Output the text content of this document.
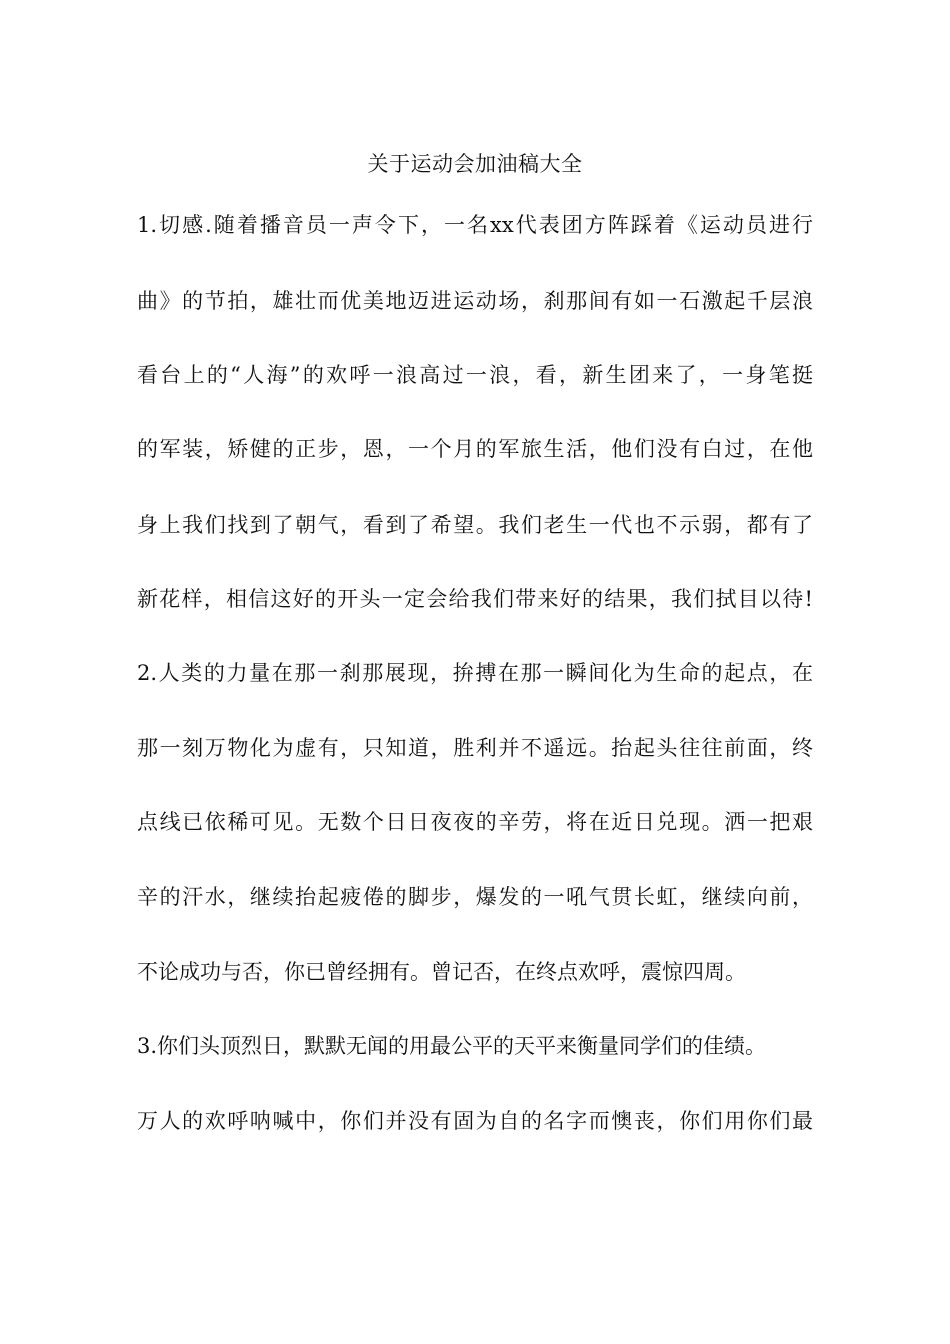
关于运动会加油稿大全
1.切感.随着播音员一声令下，一名xx代表团方阵踩着《运动员进行
曲》的节拍，雄壮而优美地迈进运动场，刹那间有如一石激起千层浪
看台上的“人海”的欢呼一浪高过一浪，看，新生团来了，一身笔挺
的军装，矫健的正步，恩，一个月的军旅生活，他们没有白过，在他
身上我们找到了朝气，看到了希望。我们老生一代也不示弱，都有了
新花样，相信这好的开头一定会给我们带来好的结果，我们拭目以待!
2.人类的力量在那一刹那展现，拚搏在那一瞬间化为生命的起点，在
那一刻万物化为虚有，只知道，胜利并不遥远。抬起头往往前面，终
点线已依稀可见。无数个日日夜夜的辛劳，将在近日兑现。洒一把艰
辛的汗水，继续抬起疲倦的脚步，爆发的一吼气贯长虹，继续向前，
不论成功与否，你已曾经拥有。曾记否，在终点欢呼，震惊四周。
3.你们头顶烈日，默默无闻的用最公平的天平来衡量同学们的佳绩。
万人的欢呼呐喊中，你们并没有固为自的名字而懊丧，你们用你们最
